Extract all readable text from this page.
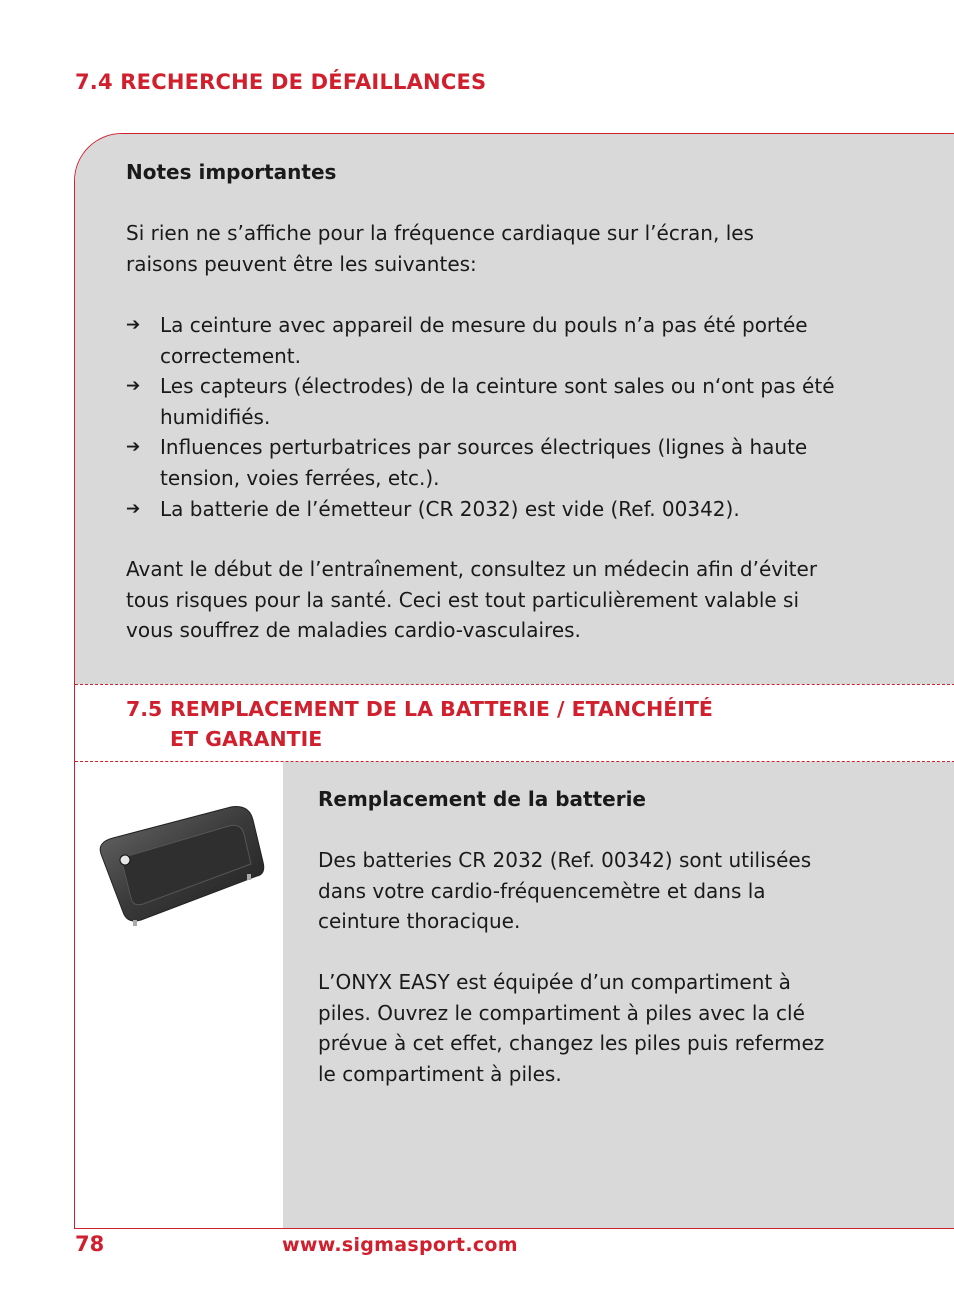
7.4 RECHERCHE DE DÉFAILLANCES
Notes importantes
Si rien ne s’affiche pour la fréquence cardiaque sur l’écran, les raisons peuvent être les suivantes:
➔ La ceinture avec appareil de mesure du pouls n’a pas été portée correctement.
➔ Les capteurs (électrodes) de la ceinture sont sales ou n‘ont pas été humidifiés.
➔ Influences perturbatrices par sources électriques (lignes à haute tension, voies ferrées, etc.).
➔ La batterie de l’émetteur (CR 2032) est vide (Ref. 00342).
Avant le début de l’entraînement, consultez un médecin afin d’éviter tous risques pour la santé. Ceci est tout particulièrement valable si vous souffrez de maladies cardio-vasculaires.
7.5 REMPLACEMENT DE LA BATTERIE / ETANCHÉITÉ
ET GARANTIE
Remplacement de la batterie
Des batteries CR 2032 (Ref. 00342) sont utilisées dans votre cardio-fréquencemètre et dans la ceinture thoracique.
L’ONYX EASY est équipée d’un compartiment à piles. Ouvrez le compartiment à piles avec la clé prévue à cet effet, changez les piles puis refermez le compartiment à piles.
78	www.sigmasport.com
